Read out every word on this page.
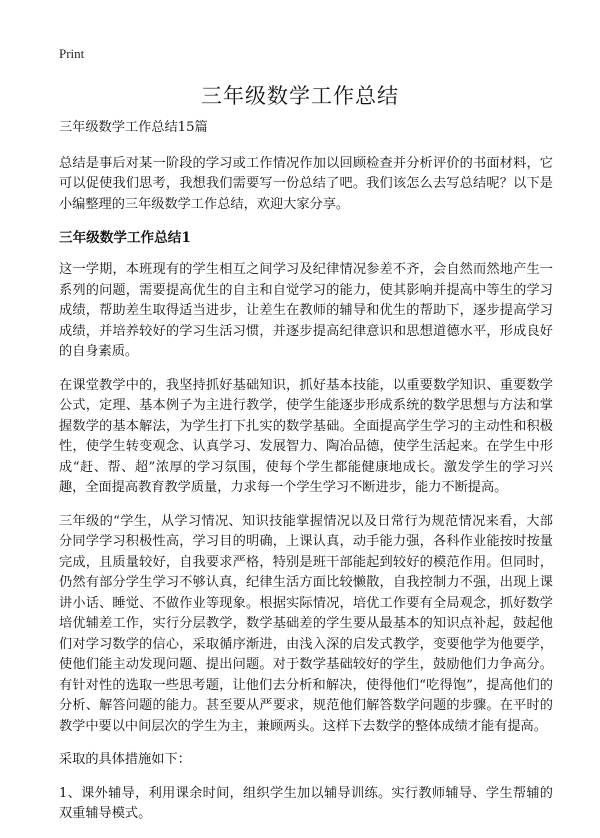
Print
三年级数学工作总结

三年级数学工作总结15篇

总结是事后对某一阶段的学习或工作情况作加以回顾检查并分析评价的书面材料，它可以促使我们思考，我想我们需要写一份总结了吧。我们该怎么去写总结呢？以下是小编整理的三年级数学工作总结，欢迎大家分享。

三年级数学工作总结1

这一学期，本班现有的学生相互之间学习及纪律情况参差不齐，会自然而然地产生一系列的问题，需要提高优生的自主和自觉学习的能力，使其影响并提高中等生的学习成绩，帮助差生取得适当进步，让差生在教师的辅导和优生的帮助下，逐步提高学习成绩，并培养较好的学习生活习惯，并逐步提高纪律意识和思想道德水平，形成良好的自身素质。

在课堂教学中的，我坚持抓好基础知识，抓好基本技能，以重要数学知识、重要数学公式，定理、基本例子为主进行教学，使学生能逐步形成系统的数学思想与方法和掌握数学的基本解法，为学生打下扎实的数学基础。全面提高学生学习的主动性和积极性，使学生转变观念、认真学习、发展智力、陶冶品德，使学生活起来。在学生中形成“赶、帮、超”浓厚的学习氛围，使每个学生都能健康地成长。激发学生的学习兴趣，全面提高教育教学质量，力求每一个学生学习不断进步，能力不断提高。

三年级的“学生，从学习情况、知识技能掌握情况以及日常行为规范情况来看，大部分同学学习积极性高，学习目的明确，上课认真，动手能力强，各科作业能按时按量完成，且质量较好，自我要求严格，特别是班干部能起到较好的模范作用。但同时，仍然有部分学生学习不够认真，纪律生活方面比较懒散，自我控制力不强，出现上课讲小话、睡觉、不做作业等现象。根据实际情况，培优工作要有全局观念，抓好数学培优辅差工作，实行分层教学，数学基础差的学生要从最基本的知识点补起，鼓起他们对学习数学的信心，采取循序渐进，由浅入深的启发式教学，变要他学为他要学，使他们能主动发现问题、提出问题。对于数学基础较好的学生，鼓励他们力争高分。有针对性的选取一些思考题，让他们去分析和解决，使得他们“吃得饱”，提高他们的分析、解答问题的能力。甚至要从严要求，规范他们解答数学问题的步骤。在平时的教学中要以中间层次的学生为主，兼顾两头。这样下去数学的整体成绩才能有提高。

采取的具体措施如下：

1、课外辅导，利用课余时间，组织学生加以辅导训练。实行教师辅导、学生帮辅的双重辅导模式。
